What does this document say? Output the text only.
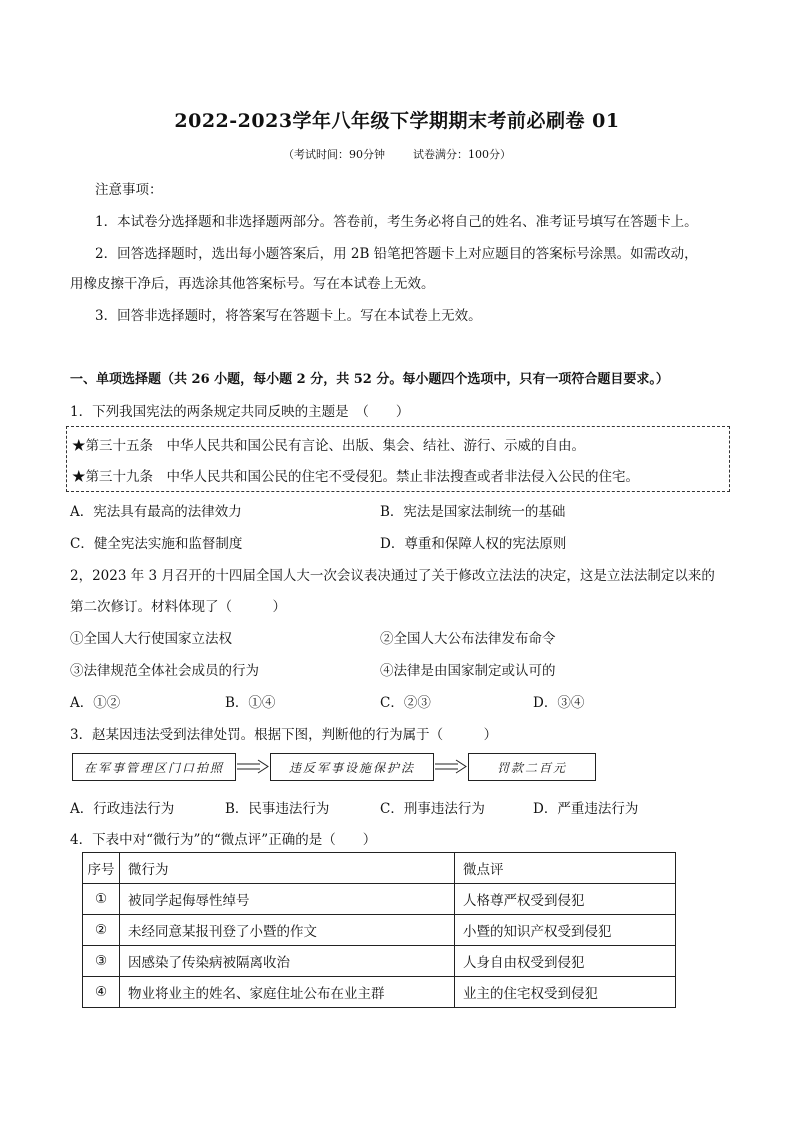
2022-2023学年八年级下学期期末考前必刷卷 01
（考试时间：90分钟	试卷满分：100分）
注意事项：
1．本试卷分选择题和非选择题两部分。答卷前，考生务必将自己的姓名、准考证号填写在答题卡上。
2．回答选择题时，选出每小题答案后，用 2B 铅笔把答题卡上对应题目的答案标号涂黑。如需改动，
用橡皮擦干净后，再选涂其他答案标号。写在本试卷上无效。
3．回答非选择题时，将答案写在答题卡上。写在本试卷上无效。
一、单项选择题（共 26 小题，每小题 2 分，共 52 分。每小题四个选项中，只有一项符合题目要求。）
1．下列我国宪法的两条规定共同反映的主题是　（　　）
★第三十五条　中华人民共和国公民有言论、出版、集会、结社、游行、示威的自由。
★第三十九条　中华人民共和国公民的住宅不受侵犯。禁止非法搜查或者非法侵入公民的住宅。
A．宪法具有最高的法律效力	B．宪法是国家法制统一的基础
C．健全宪法实施和监督制度	D．尊重和保障人权的宪法原则
2，2023 年 3 月召开的十四届全国人大一次会议表决通过了关于修改立法法的决定，这是立法法制定以来的
第二次修订。材料体现了（　　　）
①全国人大行使国家立法权	②全国人大公布法律发布命令
③法律规范全体社会成员的行为	④法律是由国家制定或认可的
A．①②	B．①④	C．②③	D．③④
3．赵某因违法受到法律处罚。根据下图，判断他的行为属于（　　　）
在军事管理区门口拍照	违反军事设施保护法	罚款二百元
A．行政违法行为	B．民事违法行为	C．刑事违法行为	D．严重违法行为
4．下表中对“微行为”的“微点评”正确的是（　　）
序号	微行为	微点评
①	被同学起侮辱性绰号	人格尊严权受到侵犯
②	未经同意某报刊登了小暨的作文	小暨的知识产权受到侵犯
③	因感染了传染病被隔离收治	人身自由权受到侵犯
④	物业将业主的姓名、家庭住址公布在业主群	业主的住宅权受到侵犯
